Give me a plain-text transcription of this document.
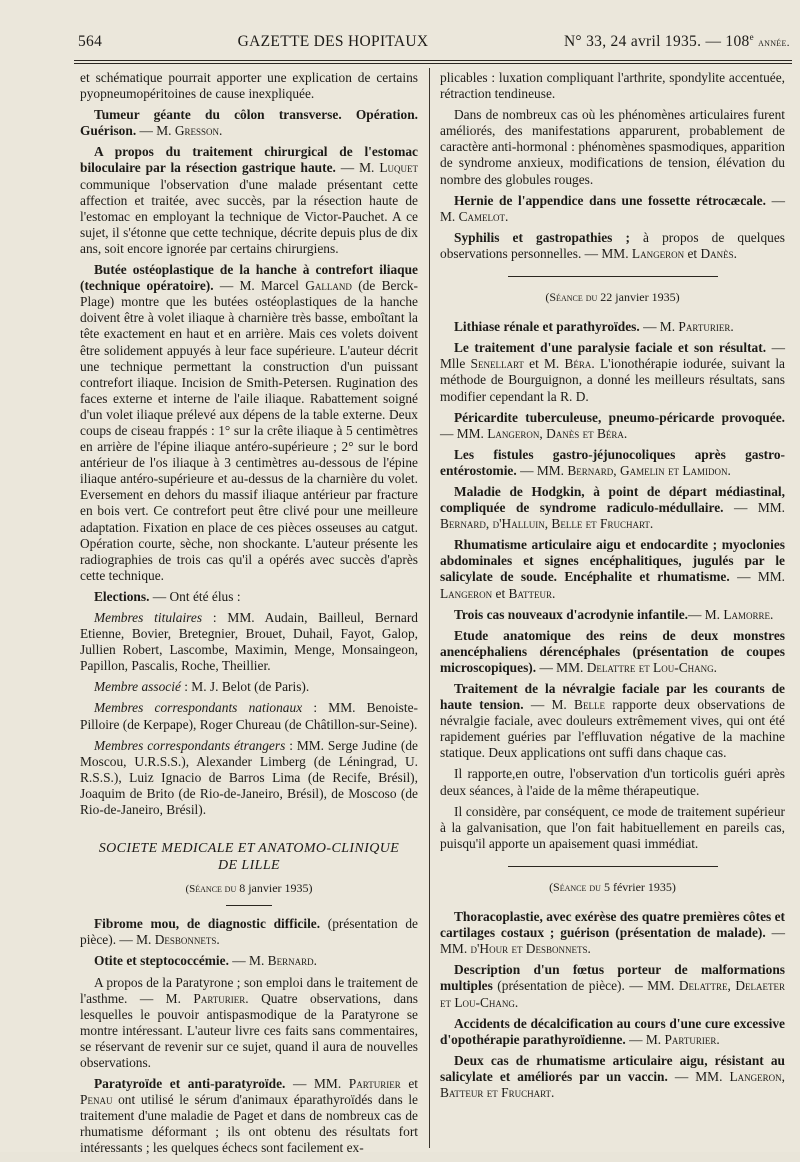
564	GAZETTE DES HOPITAUX	N° 33, 24 avril 1935. — 108e année.

et schématique pourrait apporter une explication de certains pyopneumopéritoines de cause inexpliquée.

Tumeur géante du côlon transverse. Opération. Guérison. — M. Gresson.

A propos du traitement chirurgical de l'estomac biloculaire par la résection gastrique haute. — M. Luquet communique l'observation d'une malade présentant cette affection et traitée, avec succès, par la résection haute de l'estomac en employant la technique de Victor-Pauchet. A ce sujet, il s'étonne que cette technique, décrite depuis plus de dix ans, soit encore ignorée par certains chirurgiens.

Butée ostéoplastique de la hanche à contrefort iliaque (technique opératoire). — M. Marcel Galland (de Berck-Plage) montre que les butées ostéoplastiques de la hanche doivent être à volet iliaque à charnière très basse, emboîtant la tête exactement en haut et en arrière. Mais ces volets doivent être solidement appuyés à leur face supérieure. L'auteur décrit une technique permettant la construction d'un puissant contrefort iliaque. Incision de Smith-Petersen. Rugination des faces externe et interne de l'aile iliaque. Rabattement soigné d'un volet iliaque prélevé aux dépens de la table externe. Deux coups de ciseau frappés : 1° sur la crête iliaque à 5 centimètres en arrière de l'épine iliaque antéro-supérieure ; 2° sur le bord antérieur de l'os iliaque à 3 centimètres au-dessous de l'épine iliaque antéro-supérieure et au-dessus de la charnière du volet. Eversement en dehors du massif iliaque antérieur par fracture en bois vert. Ce contrefort peut être clivé pour une meilleure adaptation. Fixation en place de ces pièces osseuses au catgut. Opération courte, sèche, non shockante. L'auteur présente les radiographies de trois cas qu'il a opérés avec succès d'après cette technique.

Elections. — Ont été élus :

Membres titulaires : MM. Audain, Bailleul, Bernard Etienne, Bovier, Bretegnier, Brouet, Duhail, Fayot, Galop, Jullien Robert, Lascombe, Maximin, Menge, Monsaingeon, Papillon, Pascalis, Roche, Theillier.

Membre associé : M. J. Belot (de Paris).

Membres correspondants nationaux : MM. Benoiste-Pilloire (de Kerpape), Roger Chureau (de Châtillon-sur-Seine).

Membres correspondants étrangers : MM. Serge Judine (de Moscou, U.R.S.S.), Alexander Limberg (de Léningrad, U. R.S.S.), Luiz Ignacio de Barros Lima (de Recife, Brésil), Joaquim de Brito (de Rio-de-Janeiro, Brésil), de Moscoso (de Rio-de-Janeiro, Brésil).

SOCIETE MEDICALE ET ANATOMO-CLINIQUE
DE LILLE
(Séance du 8 janvier 1935)

Fibrome mou, de diagnostic difficile. (présentation de pièce). — M. Desbonnets.

Otite et steptococcémie. — M. Bernard.

A propos de la Paratyrone ; son emploi dans le traitement de l'asthme. — M. Parturier. Quatre observations, dans lesquelles le pouvoir antispasmodique de la Paratyrone se montre intéressant. L'auteur livre ces faits sans commentaires, se réservant de revenir sur ce sujet, quand il aura de nouvelles observations.

Paratyroïde et anti-paratyroïde. — MM. Parturier et Penau ont utilisé le sérum d'animaux éparathyroïdés dans le traitement d'une maladie de Paget et dans de nombreux cas de rhumatisme déformant ; ils ont obtenu des résultats fort intéressants ; les quelques échecs sont facilement ex-

plicables : luxation compliquant l'arthrite, spondylite accentuée, rétraction tendineuse.

Dans de nombreux cas où les phénomènes articulaires furent améliorés, des manifestations apparurent, probablement de caractère anti-hormonal : phénomènes spasmodiques, apparition de syndrome anxieux, modifications de tension, élévation du nombre des globules rouges.

Hernie de l'appendice dans une fossette rétrocæcale. — M. Camelot.

Syphilis et gastropathies ; à propos de quelques observations personnelles. — MM. Langeron et Danès.

(Séance du 22 janvier 1935)

Lithiase rénale et parathyroïdes. — M. Parturier.

Le traitement d'une paralysie faciale et son résultat. — Mlle Senellart et M. Béra. L'ionothérapie iodurée, suivant la méthode de Bourguignon, a donné les meilleurs résultats, sans modifier cependant la R. D.

Péricardite tuberculeuse, pneumo-péricarde provoquée. — MM. Langeron, Danès et Béra.

Les fistules gastro-jéjunocoliques après gastro-entérostomie. — MM. Bernard, Gamelin et Lamidon.

Maladie de Hodgkin, à point de départ médiastinal, compliquée de syndrome radiculo-médullaire. — MM. Bernard, d'Halluin, Belle et Fruchart.

Rhumatisme articulaire aigu et endocardite ; myoclonies abdominales et signes encéphalitiques, jugulés par le salicylate de soude. Encéphalite et rhumatisme. — MM. Langeron et Batteur.

Trois cas nouveaux d'acrodynie infantile.— M. Lamorre.

Etude anatomique des reins de deux monstres anencéphaliens dérencéphales (présentation de coupes microscopiques). — MM. Delattre et Lou-Chang.

Traitement de la névralgie faciale par les courants de haute tension. — M. Belle rapporte deux observations de névralgie faciale, avec douleurs extrêmement vives, qui ont été rapidement guéries par l'effluvation négative de la machine statique. Deux applications ont suffi dans chaque cas.

Il rapporte,en outre, l'observation d'un torticolis guéri après deux séances, à l'aide de la même thérapeutique.

Il considère, par conséquent, ce mode de traitement supérieur à la galvanisation, que l'on fait habituellement en pareils cas, puisqu'il apporte un apaisement quasi immédiat.

(Séance du 5 février 1935)

Thoracoplastie, avec exérèse des quatre premières côtes et cartilages costaux ; guérison (présentation de malade). — MM. d'Hour et Desbonnets.

Description d'un fœtus porteur de malformations multiples (présentation de pièce). — MM. Delattre, Delaeter et Lou-Chang.

Accidents de décalcification au cours d'une cure excessive d'opothérapie parathyroïdienne. — M. Parturier.

Deux cas de rhumatisme articulaire aigu, résistant au salicylate et améliorés par un vaccin. — MM. Langeron, Batteur et Fruchart.
